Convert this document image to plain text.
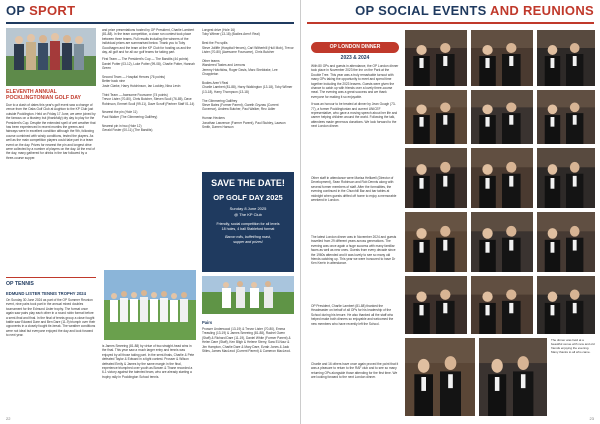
OP SPORT
ELEVENTH ANNUAL POCKLINGTONIAN GOLF DAY

Due to a clash of dates this year's golf event saw a change of venue from the Oaks Golf Club at Aughton to the KP Club just outside Pocklington. Held on Friday 17 June, we were joined by the famous on a blustery but (thankfully) dry day to play for the President's Cup. Despite the extended spell of wet weather that has been experienced in recent months the greens and fairways were in excellent condition although the 9th, following course combined with windy conditions, tested the players. As well as the main competition players could take part in a team event on the day. Prizes for nearest the pin and longest drive were collected by a number of players on the day. At the end of the day, many gathered for drinks in the bar followed by a three-course supper.

OP TENNIS
EDMUND LISTER TENNIS TROPHY 2024

On Sunday 30 June 2024 as part of the OP Summer Reunion event, nine pairs took part in the annual mixed doubles tournament for the Edmund Lister trophy. The format once again saw pairs play each other in a round robin format before a semi-final and final. In the final of tennis group a close fought battle saw Edward Dare and Ben Dare (11-9) triumph over their opponents in a closely fought tie-break. The weather conditions were not ideal but everyone enjoyed the day and look forward to next year.

and prize presentations hosted by OP President, Charlie Lambert (81-88). In the team competition, a close run contest took place between three teams. Full results including the winners of the individual prizes are summarised below. Thank you to Toby Goodhagen and the team at the KP Club for hosting us and the day, all golf and for all our golf teams for taking part.

First Team — The President's Cup — The Bandits (44 points)
Daniel Potter (03-12), Luke Potter (99-08), Charlie Potter, Hannah Green

Second Team — Hospital Heroes (76 points)
Better back nine
Josie Clarke, Harry Hutchinson, Ian Lockley, Nina Levin

Third Team — Awesome Foursome (74 points)
Trevor Lister (70-80), Chris Butcher, Steven Scull (76-85), Dave Robinson, Emmet Scull (99-11), Dave Scruff (Partner Staff 01-14)

Nearest the pin (Hole 11)
Paul Walker (The Glimmering Gallifrey)

Nearest pin in two (Hole 12)
Gerald Foster (00-11) (The Bandits)

is James Smeeing (81-88) by virtue of two straight-head wins in the final. This year saw a much larger entry and tennis was enjoyed by all those taking part. In the semi-finals, Charlie & Pete defeated Taylor & Edward in a tight contest. Prosser & Wilson defeated Emily & James by the same margin in the final, experience triumphed over youth as Bowen & Thane recorded a 6-1 victory against the talented team, who are already starting a trophy rally in Pocklington School tennis.

Longest drive (Hole 16)
Toby Wilmer (13-18) (Bodies Aren't Real)

Best the Pro spills
Steve Jolliffe (Hospital Heroes), Carl Witherhill (Hull Mob), Trevor Lister (70-80) (Awesome Foursome), Chris Butcher

Other teams
Wandered Tastes and Lemons
Jeremy Hotchkiss, Roger Davis, Marc Sheldrake, Lee Chappleton

Bodies Aren't Real
Charlie Lambert (81-88), Harry Walkington (13-18), Toby Wilmer (13-18), Harry Thompson (13-18)

The Glimmering Gallifrey
Steve Bates (Former Parent), Gareth Gryzaw (Current Governor), Andrew Butcher, Paul Walker, Rev. Adler

Human Heckers
Jonathan Lawrence (Former Parent), Paul Stubley, Lawson Smith, Darren Hanson

SAVE THE DATE!
OP GOLF DAY 2025
Sunday 8 June 2025
@ The KP Club
Friendly, social competition for all levels
18 holes, 4 ball Stableford format
Bacon rolls, buffet/hog roast,
supper and prizes!
Pairs

Prosser Underwood (13-19) & Trevor Lister (70-80), Emma Treasling (13-19) & James Smeeing (81-88), Rachel Owen (Staff) & Richard Dare (11-19), Daniel White (Former Parent) & Helen Dare (Staff), Ken Bligh & Helene Sterry, Sara El-Nour & Jim Hampton, Charlie Dare & Mary Dare, Ezrah Jones & Jack Stiles, James MacLeod (Current Parent) & Cameron MacLeod.

22
OP SOCIAL EVENTS AND REUNIONS
OP LONDON DINNER
2023 & 2024

With 80 OPs and guests in attendance, the OP London dinner took place in November 2023 the Inn on the Park at the Double Tree. This year was a truly remarkable turnout with many OPs taking the opportunity to meet and spend time together including the 2023 leavers. Guests were given the chance to catch up with friends over a lovely three-course meal. The evening was a great success and we thank everyone for making it so enjoyable.

It was an honour to be treated at dinner by Jean Gough (73-77), a former Pocklingtonian and current UNICEF representative, who gave a moving speech about her life and career helping children around the world. Following the talk, attendees made generous donations. We look forward to the next London dinner.

Other staff in attendance were Marisa Helliwell (Director of Development), Sean Robinson and Rob Dennis along with several former members of staff. After the formalities, the evening continued in the Churchill Bar and bar tables at midnight when guests drifted off home to enjoy a memorable weekend in London.

The latest London dinner was in November 2024 and guests travelled from 29 different years across generations. The evening was once again a huge success with many familiar faces as well as new ones. Guests from every decade since the 1960s attended and it was lovely to see so many old friends catching up. This year we were honoured to have Dr Ken Kerrin in attendance.

OP President, Charlie Lambert (81-88) thanked the Headmaster on behalf of all OPs for his leadership of the School during his tenure. He also thanked all the staff who helped make both dinners so enjoyable and welcomed the new members who have recently left the School.

Charlie and 16 others have once again proved the point that it was a pleasure to return to the RAF club and to see so many returning OPs alongside those attending for the first time. We are looking forward to the next London dinner.

The dinner was held at a beautiful venue with new and old friends enjoying the evening. Many thanks to all who came.

23
